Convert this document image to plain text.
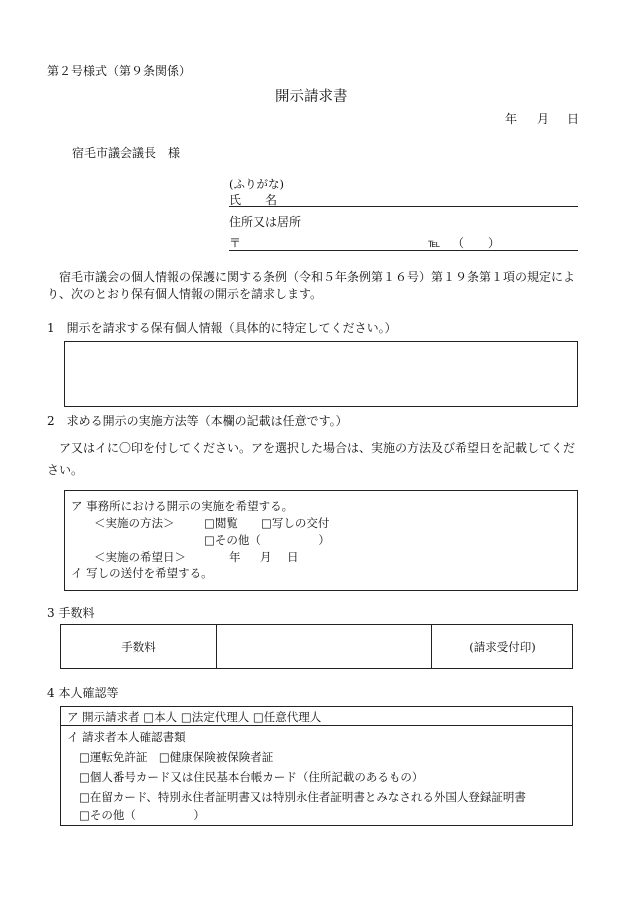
第２号様式（第９条関係）
開示請求書
年 月 日
宿毛市議会議長　様
(ふりがな)
氏　　名
住所又は居所
〒	℡ （　　）
宿毛市議会の個人情報の保護に関する条例（令和５年条例第１６号）第１９条第１項の規定により、次のとおり保有個人情報の開示を請求します。
1　開示を請求する保有個人情報（具体的に特定してください。）
2　求める開示の実施方法等（本欄の記載は任意です。）
ア又はイに〇印を付してください。アを選択した場合は、実施の方法及び希望日を記載してください。
ア 事務所における開示の実施を希望する。
＜実施の方法＞	□閲覧 □写しの交付
□その他（　　　　　）
＜実施の希望日＞	年 月 日
イ 写しの送付を希望する。
3 手数料
手数料	(請求受付印)
4 本人確認等
ア 開示請求者 □本人 □法定代理人 □任意代理人
イ 請求者本人確認書類
□運転免許証　□健康保険被保険者証
□個人番号カード又は住民基本台帳カード（住所記載のあるもの）
□在留カード、特別永住者証明書又は特別永住者証明書とみなされる外国人登録証明書
□その他（　　　　　）
